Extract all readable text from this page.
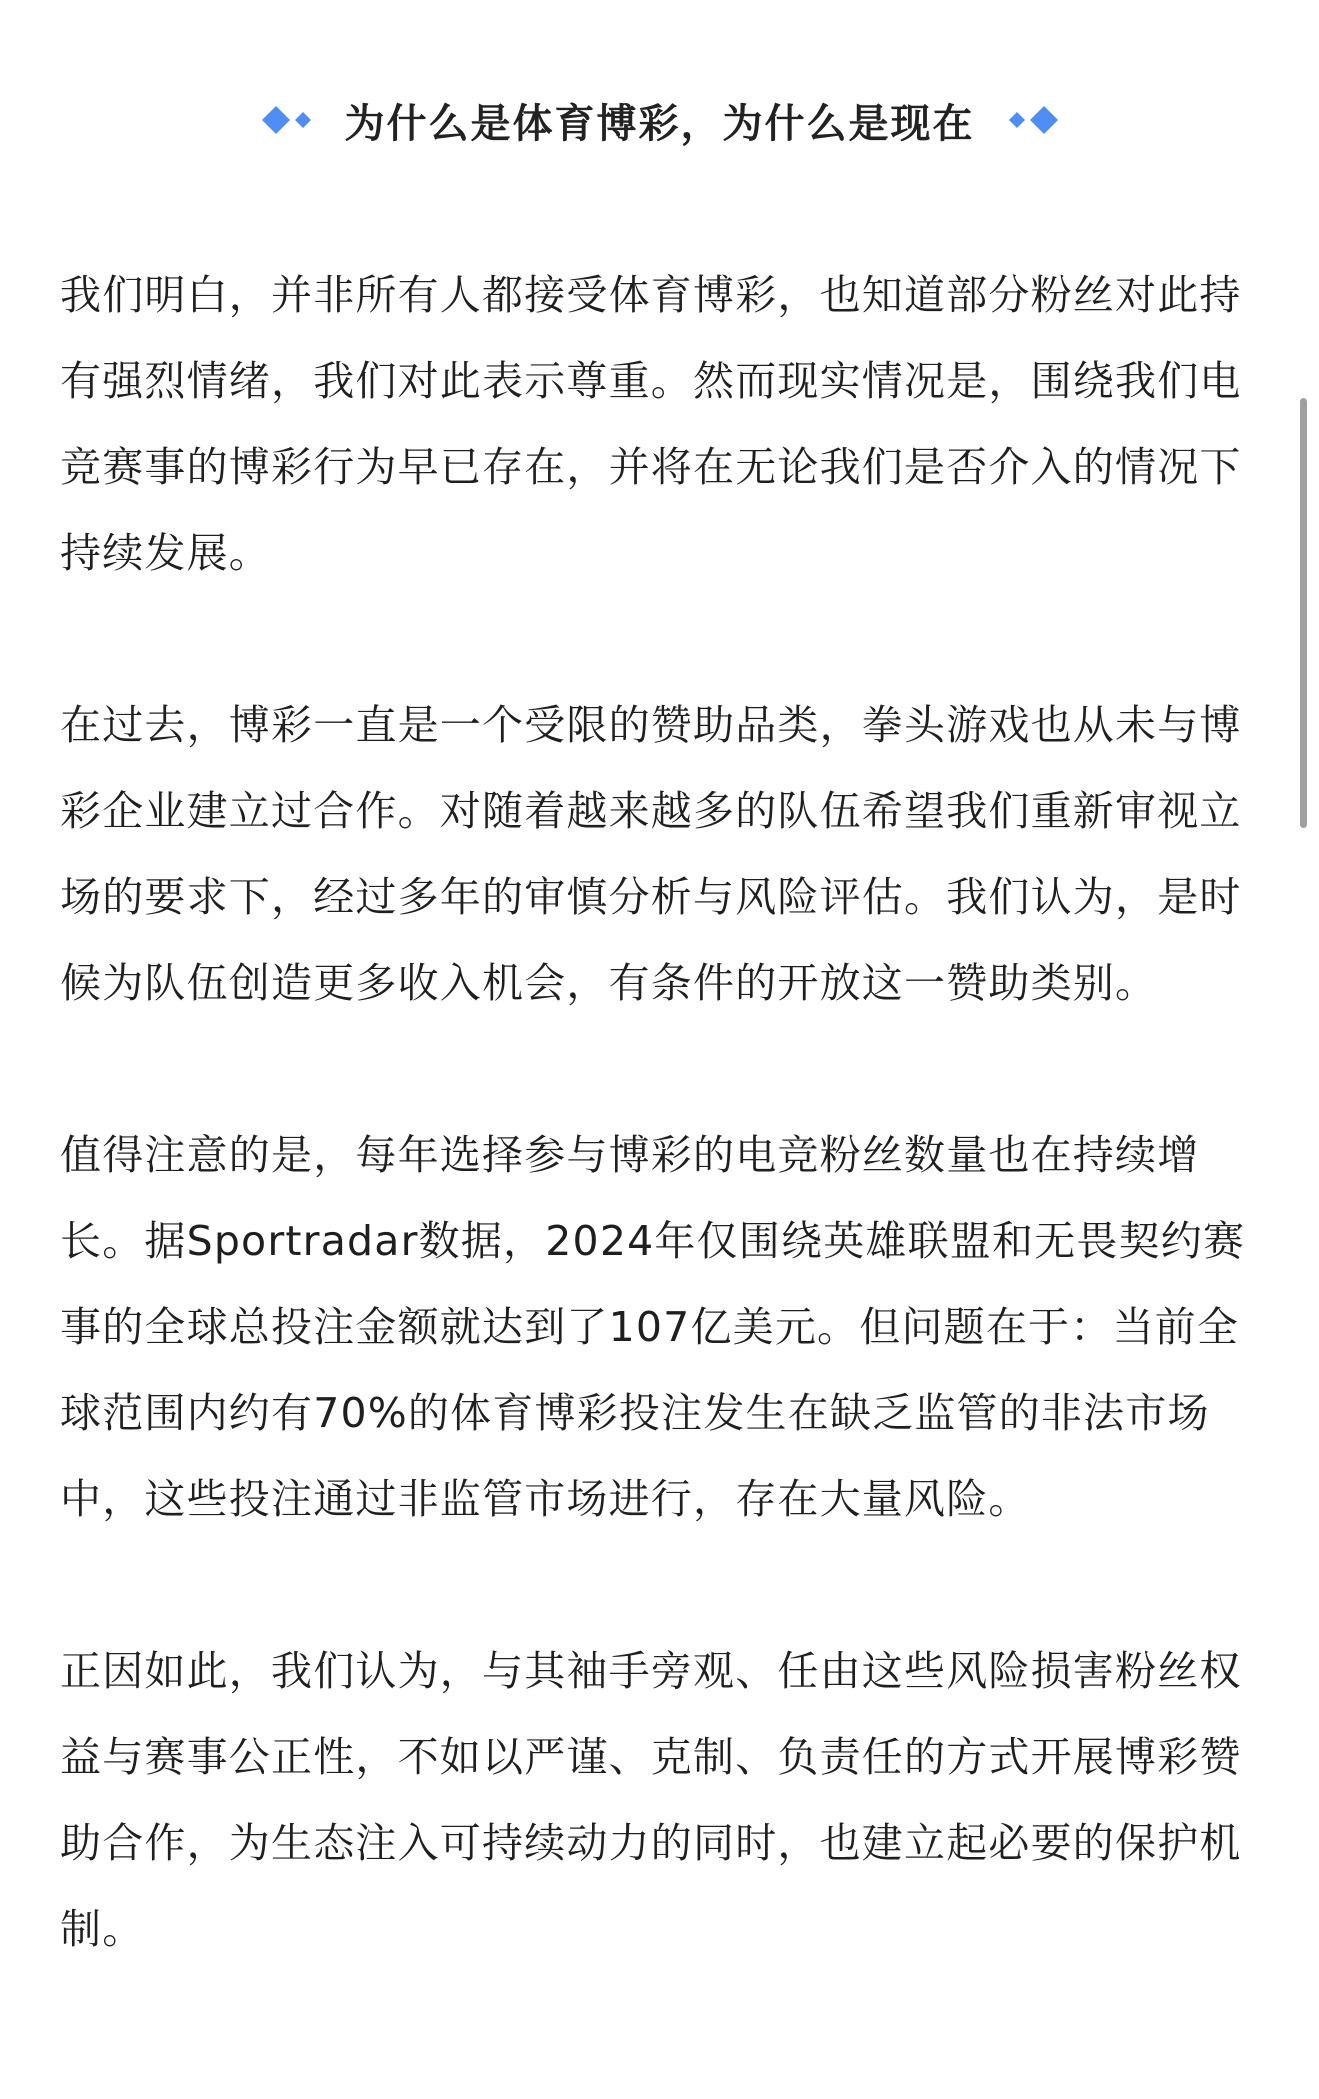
为什么是体育博彩，为什么是现在

我们明白，并非所有人都接受体育博彩，也知道部分粉丝对此持有强烈情绪，我们对此表示尊重。然而现实情况是，围绕我们电竞赛事的博彩行为早已存在，并将在无论我们是否介入的情况下持续发展。

在过去，博彩一直是一个受限的赞助品类，拳头游戏也从未与博彩企业建立过合作。对随着越来越多的队伍希望我们重新审视立场的要求下，经过多年的审慎分析与风险评估。我们认为，是时候为队伍创造更多收入机会，有条件的开放这一赞助类别。

值得注意的是，每年选择参与博彩的电竞粉丝数量也在持续增长。据Sportradar数据，2024年仅围绕英雄联盟和无畏契约赛事的全球总投注金额就达到了107亿美元。但问题在于：当前全球范围内约有70%的体育博彩投注发生在缺乏监管的非法市场中，这些投注通过非监管市场进行，存在大量风险。

正因如此，我们认为，与其袖手旁观、任由这些风险损害粉丝权益与赛事公正性，不如以严谨、克制、负责任的方式开展博彩赞助合作，为生态注入可持续动力的同时，也建立起必要的保护机制。
